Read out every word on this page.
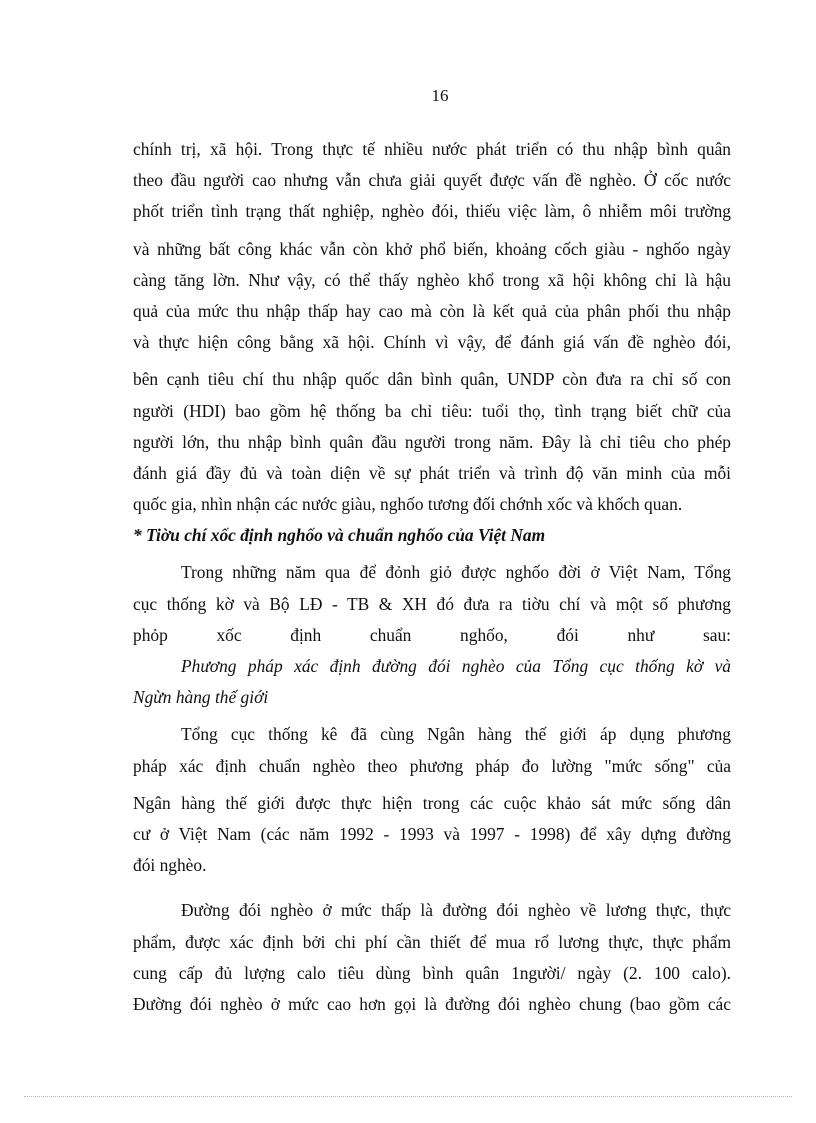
16
chính trị, xã hội. Trong thực tế nhiều nước phát triển có thu nhập bình quân
theo đầu người cao nhưng vẫn chưa giải quyết được vấn đề nghèo. Ở cốc nước
phốt triển tình trạng thất nghiệp, nghèo đói, thiếu việc làm, ô nhiễm môi trường
và những bất công khác vẫn còn khở phổ biến, khoảng cốch giàu - nghốo ngày
càng tăng lờn. Như vậy, có thể thấy nghèo khổ trong xã hội không chỉ là hậu
quả của mức thu nhập thấp hay cao mà còn là kết quả của phân phối thu nhập
và thực hiện công bằng xã hội. Chính vì vậy, để đánh giá vấn đề nghèo đói,
bên cạnh tiêu chí thu nhập quốc dân bình quân, UNDP còn đưa ra chỉ số con
người (HDI) bao gồm hệ thống ba chỉ tiêu: tuổi thọ, tình trạng biết chữ của
người lớn, thu nhập bình quân đầu người trong năm. Đây là chỉ tiêu cho phép
đánh giá đầy đủ và toàn diện về sự phát triển và trình độ văn minh của mỗi
quốc gia, nhìn nhận các nước giàu, nghốo tương đối chớnh xốc và khốch quan.
* Tiờu chí xốc định nghốo và chuẩn nghốo của Việt Nam
Trong những năm qua để đỏnh giỏ được nghốo đời ở Việt Nam, Tổng
cục thống kờ và Bộ LĐ - TB & XH đó đưa ra tiờu chí và một số phương
phỏp xốc định chuẩn nghốo, đói như sau:
Phương pháp xác định đường đói nghèo của Tổng cục thống kờ và
Ngừn hàng thế giới
Tổng cục thống kê đã cùng Ngân hàng thế giới áp dụng phương
pháp xác định chuẩn nghèo theo phương pháp đo lường "mức sống" của
Ngân hàng thế giới được thực hiện trong các cuộc khảo sát mức sống dân
cư ở Việt Nam (các năm 1992 - 1993 và 1997 - 1998) để xây dựng đường
đói nghèo.
Đường đói nghèo ở mức thấp là đường đói nghèo về lương thực, thực
phẩm, được xác định bởi chi phí cần thiết để mua rổ lương thực, thực phẩm
cung cấp đủ lượng calo tiêu dùng bình quân 1người/ ngày (2. 100 calo).
Đường đói nghèo ở mức cao hơn gọi là đường đói nghèo chung (bao gồm các
